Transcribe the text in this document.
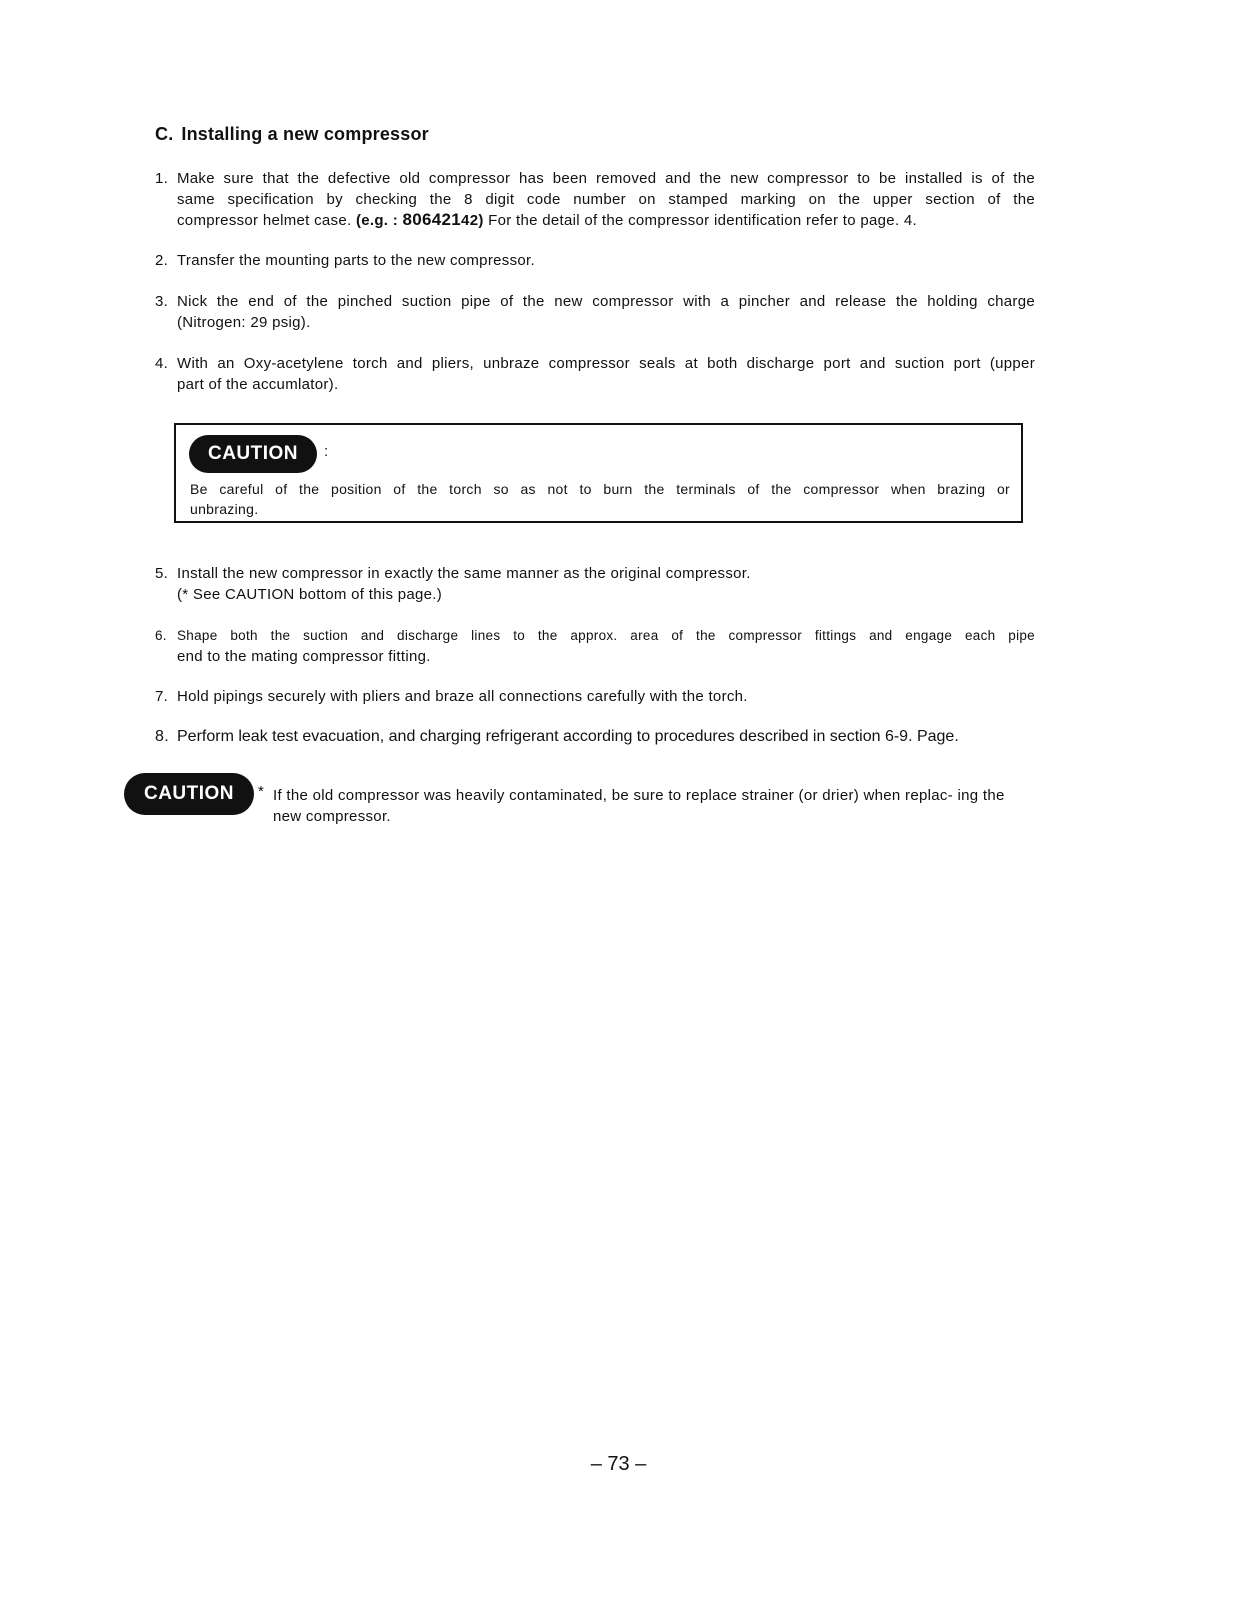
C. Installing a new compressor
1. Make sure that the defective old compressor has been removed and the new compressor to be installed is of the
same specification by checking the 8 digit code number on stamped marking on the upper section of the
compressor helmet case. (e.g. : 80642142) For the detail of the compressor identification refer to page. 4.
2. Transfer the mounting parts to the new compressor.
3. Nick the end of the pinched suction pipe of the new compressor with a pincher and release the holding charge
(Nitrogen: 29 psig).
4. With an Oxy-acetylene torch and pliers, unbraze compressor seals at both discharge port and suction port (upper
part of the accumlator).
CAUTION	:
Be careful of the position of the torch so as not to burn the terminals of the compressor when brazing or
unbrazing.
5. Install the new compressor in exactly the same manner as the original compressor.
(* See CAUTION bottom of this page.)
6. Shape both the suction and discharge lines to the approx. area of the compressor fittings and engage each pipe
end to the mating compressor fitting.
7. Hold pipings securely with pliers and braze all connections carefully with the torch.
8. Perform leak test evacuation, and charging refrigerant according to procedures described in section 6-9. Page.
CAUTION	* If the old compressor was heavily contaminated, be sure to replace strainer (or drier) when replac- ing the new compressor.
– 73 –
